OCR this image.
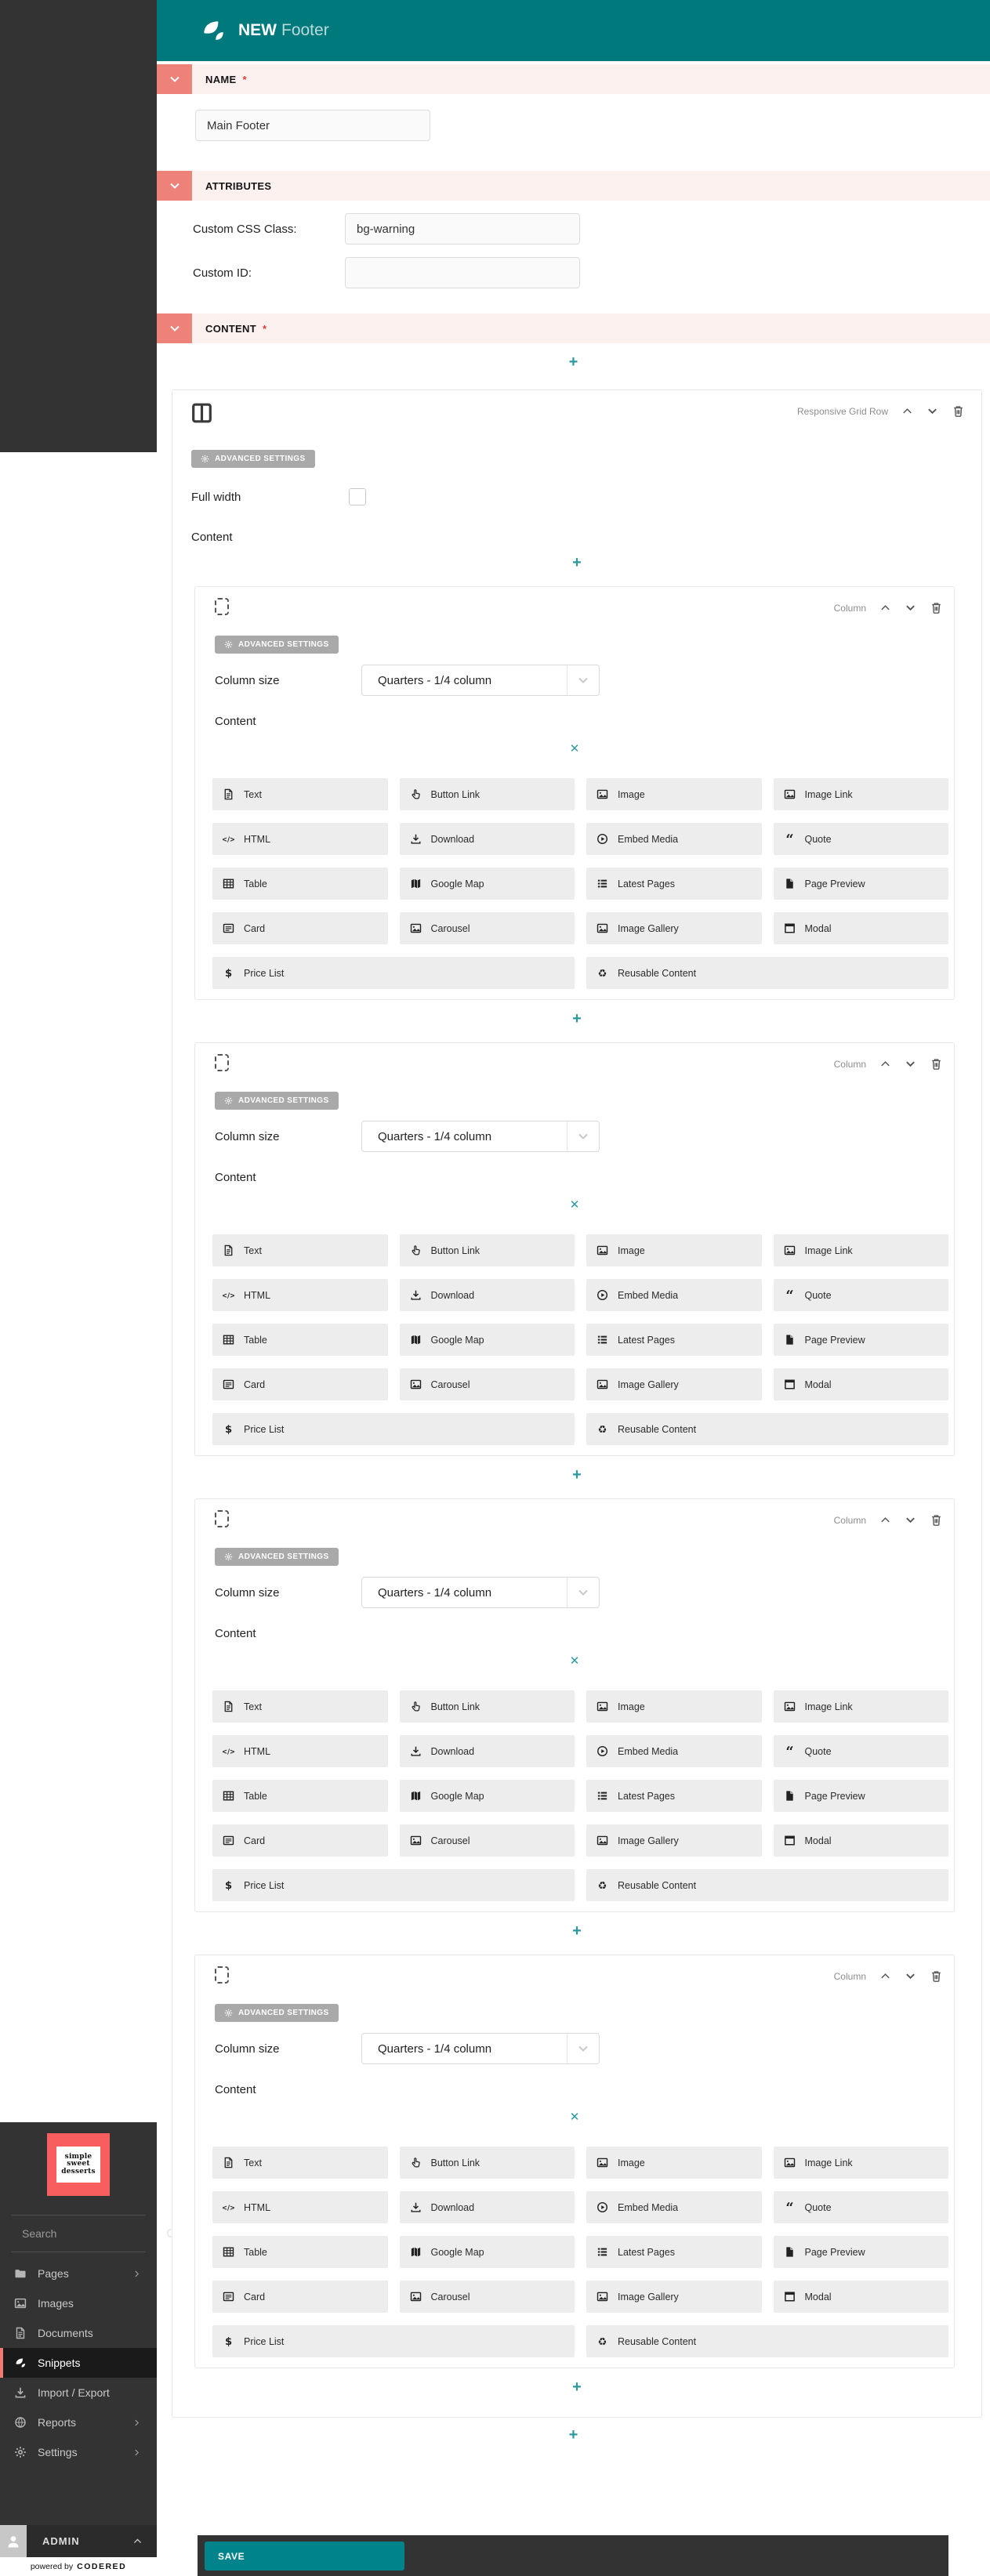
simple
sweet
desserts
Search
Pages
Images
Documents
Snippets
Import / Export
Reports
Settings
ADMIN
powered by CODERED
NEW Footer
NAME *
Main Footer
ATTRIBUTES
Custom CSS Class:
bg-warning
Custom ID:
CONTENT *
+
Responsive Grid Row
ADVANCED SETTINGS
Full width
Content
+
Column
ADVANCED SETTINGS
Column size	Quarters - 1/4 column
Content
✕
Text	Button Link	Image	Image Link
HTML	Download	Embed Media	Quote
Table	Google Map	Latest Pages	Page Preview
Card	Carousel	Image Gallery	Modal
Price List	Reusable Content
+
Column
ADVANCED SETTINGS
Column size	Quarters - 1/4 column
Content
✕
Text	Button Link	Image	Image Link
HTML	Download	Embed Media	Quote
Table	Google Map	Latest Pages	Page Preview
Card	Carousel	Image Gallery	Modal
Price List	Reusable Content
+
Column
ADVANCED SETTINGS
Column size	Quarters - 1/4 column
Content
✕
Text	Button Link	Image	Image Link
HTML	Download	Embed Media	Quote
Table	Google Map	Latest Pages	Page Preview
Card	Carousel	Image Gallery	Modal
Price List	Reusable Content
+
Column
ADVANCED SETTINGS
Column size	Quarters - 1/4 column
Content
✕
Text	Button Link	Image	Image Link
HTML	Download	Embed Media	Quote
Table	Google Map	Latest Pages	Page Preview
Card	Carousel	Image Gallery	Modal
Price List	Reusable Content
+
+
SAVE
